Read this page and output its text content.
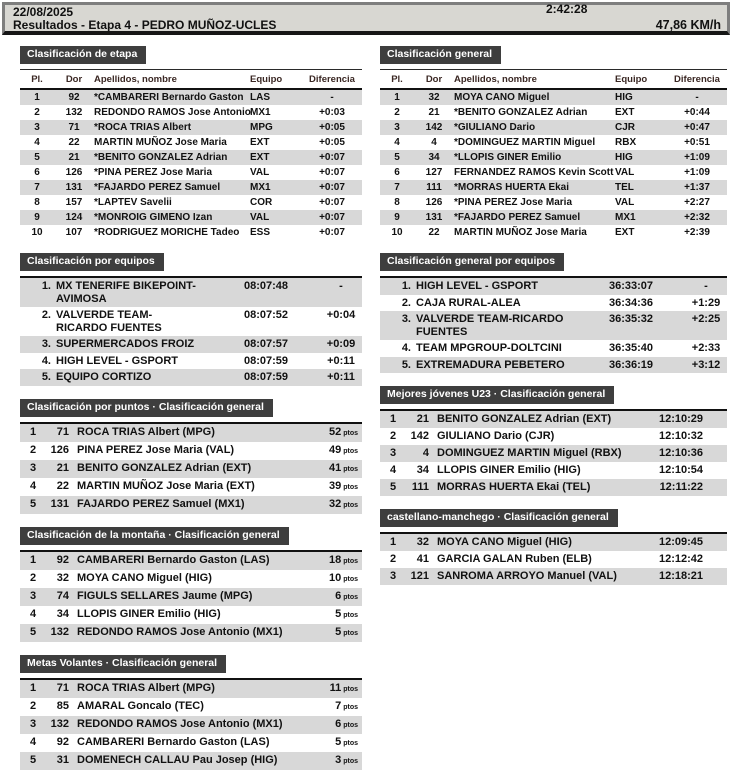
22/08/2025
Resultados - Etapa 4 - PEDRO MUÑOZ-UCLES
2:42:28
47,86 KM/h
Clasificación de etapa
Pl.	Dor	Apellidos, nombre	Equipo	Diferencia
1	92	*CAMBARERI Bernardo Gaston	LAS	-
2	132	REDONDO RAMOS Jose Antonio	MX1	+0:03
3	71	*ROCA TRIAS Albert	MPG	+0:05
4	22	MARTIN MUÑOZ Jose Maria	EXT	+0:05
5	21	*BENITO GONZALEZ Adrian	EXT	+0:07
6	126	*PINA PEREZ Jose Maria	VAL	+0:07
7	131	*FAJARDO PEREZ Samuel	MX1	+0:07
8	157	*LAPTEV Savelii	COR	+0:07
9	124	*MONROIG GIMENO Izan	VAL	+0:07
10	107	*RODRIGUEZ MORICHE Tadeo	ESS	+0:07
Clasificación por equipos
1.	MX TENERIFE BIKEPOINT-AVIMOSA	08:07:48	-
2.	VALVERDE TEAM-RICARDO FUENTES	08:07:52	+0:04
3.	SUPERMERCADOS FROIZ	08:07:57	+0:09
4.	HIGH LEVEL - GSPORT	08:07:59	+0:11
5.	EQUIPO CORTIZO	08:07:59	+0:11
Clasificación por puntos · Clasificación general
1	71	ROCA TRIAS Albert (MPG)	52 ptos
2	126	PINA PEREZ Jose Maria (VAL)	49 ptos
3	21	BENITO GONZALEZ Adrian (EXT)	41 ptos
4	22	MARTIN MUÑOZ Jose Maria (EXT)	39 ptos
5	131	FAJARDO PEREZ Samuel (MX1)	32 ptos
Clasificación de la montaña · Clasificación general
1	92	CAMBARERI Bernardo Gaston (LAS)	18 ptos
2	32	MOYA CANO Miguel (HIG)	10 ptos
3	74	FIGULS SELLARES Jaume (MPG)	6 ptos
4	34	LLOPIS GINER Emilio (HIG)	5 ptos
5	132	REDONDO RAMOS Jose Antonio (MX1)	5 ptos
Metas Volantes · Clasificación general
1	71	ROCA TRIAS Albert (MPG)	11 ptos
2	85	AMARAL Goncalo (TEC)	7 ptos
3	132	REDONDO RAMOS Jose Antonio (MX1)	6 ptos
4	92	CAMBARERI Bernardo Gaston (LAS)	5 ptos
5	31	DOMENECH CALLAU Pau Josep (HIG)	3 ptos
Clasificación general
Pl.	Dor	Apellidos, nombre	Equipo	Diferencia
1	32	MOYA CANO Miguel	HIG	-
2	21	*BENITO GONZALEZ Adrian	EXT	+0:44
3	142	*GIULIANO Dario	CJR	+0:47
4	4	*DOMINGUEZ MARTIN Miguel	RBX	+0:51
5	34	*LLOPIS GINER Emilio	HIG	+1:09
6	127	FERNANDEZ RAMOS Kevin Scott	VAL	+1:09
7	111	*MORRAS HUERTA Ekai	TEL	+1:37
8	126	*PINA PEREZ Jose Maria	VAL	+2:27
9	131	*FAJARDO PEREZ Samuel	MX1	+2:32
10	22	MARTIN MUÑOZ Jose Maria	EXT	+2:39
Clasificación general por equipos
1.	HIGH LEVEL - GSPORT	36:33:07	-
2.	CAJA RURAL-ALEA	36:34:36	+1:29
3.	VALVERDE TEAM-RICARDO FUENTES	36:35:32	+2:25
4.	TEAM MPGROUP-DOLTCINI	36:35:40	+2:33
5.	EXTREMADURA PEBETERO	36:36:19	+3:12
Mejores jóvenes U23 · Clasificación general
1	21	BENITO GONZALEZ Adrian (EXT)	12:10:29
2	142	GIULIANO Dario (CJR)	12:10:32
3	4	DOMINGUEZ MARTIN Miguel (RBX)	12:10:36
4	34	LLOPIS GINER Emilio (HIG)	12:10:54
5	111	MORRAS HUERTA Ekai (TEL)	12:11:22
castellano-manchego · Clasificación general
1	32	MOYA CANO Miguel (HIG)	12:09:45
2	41	GARCIA GALAN Ruben (ELB)	12:12:42
3	121	SANROMA ARROYO Manuel (VAL)	12:18:21
